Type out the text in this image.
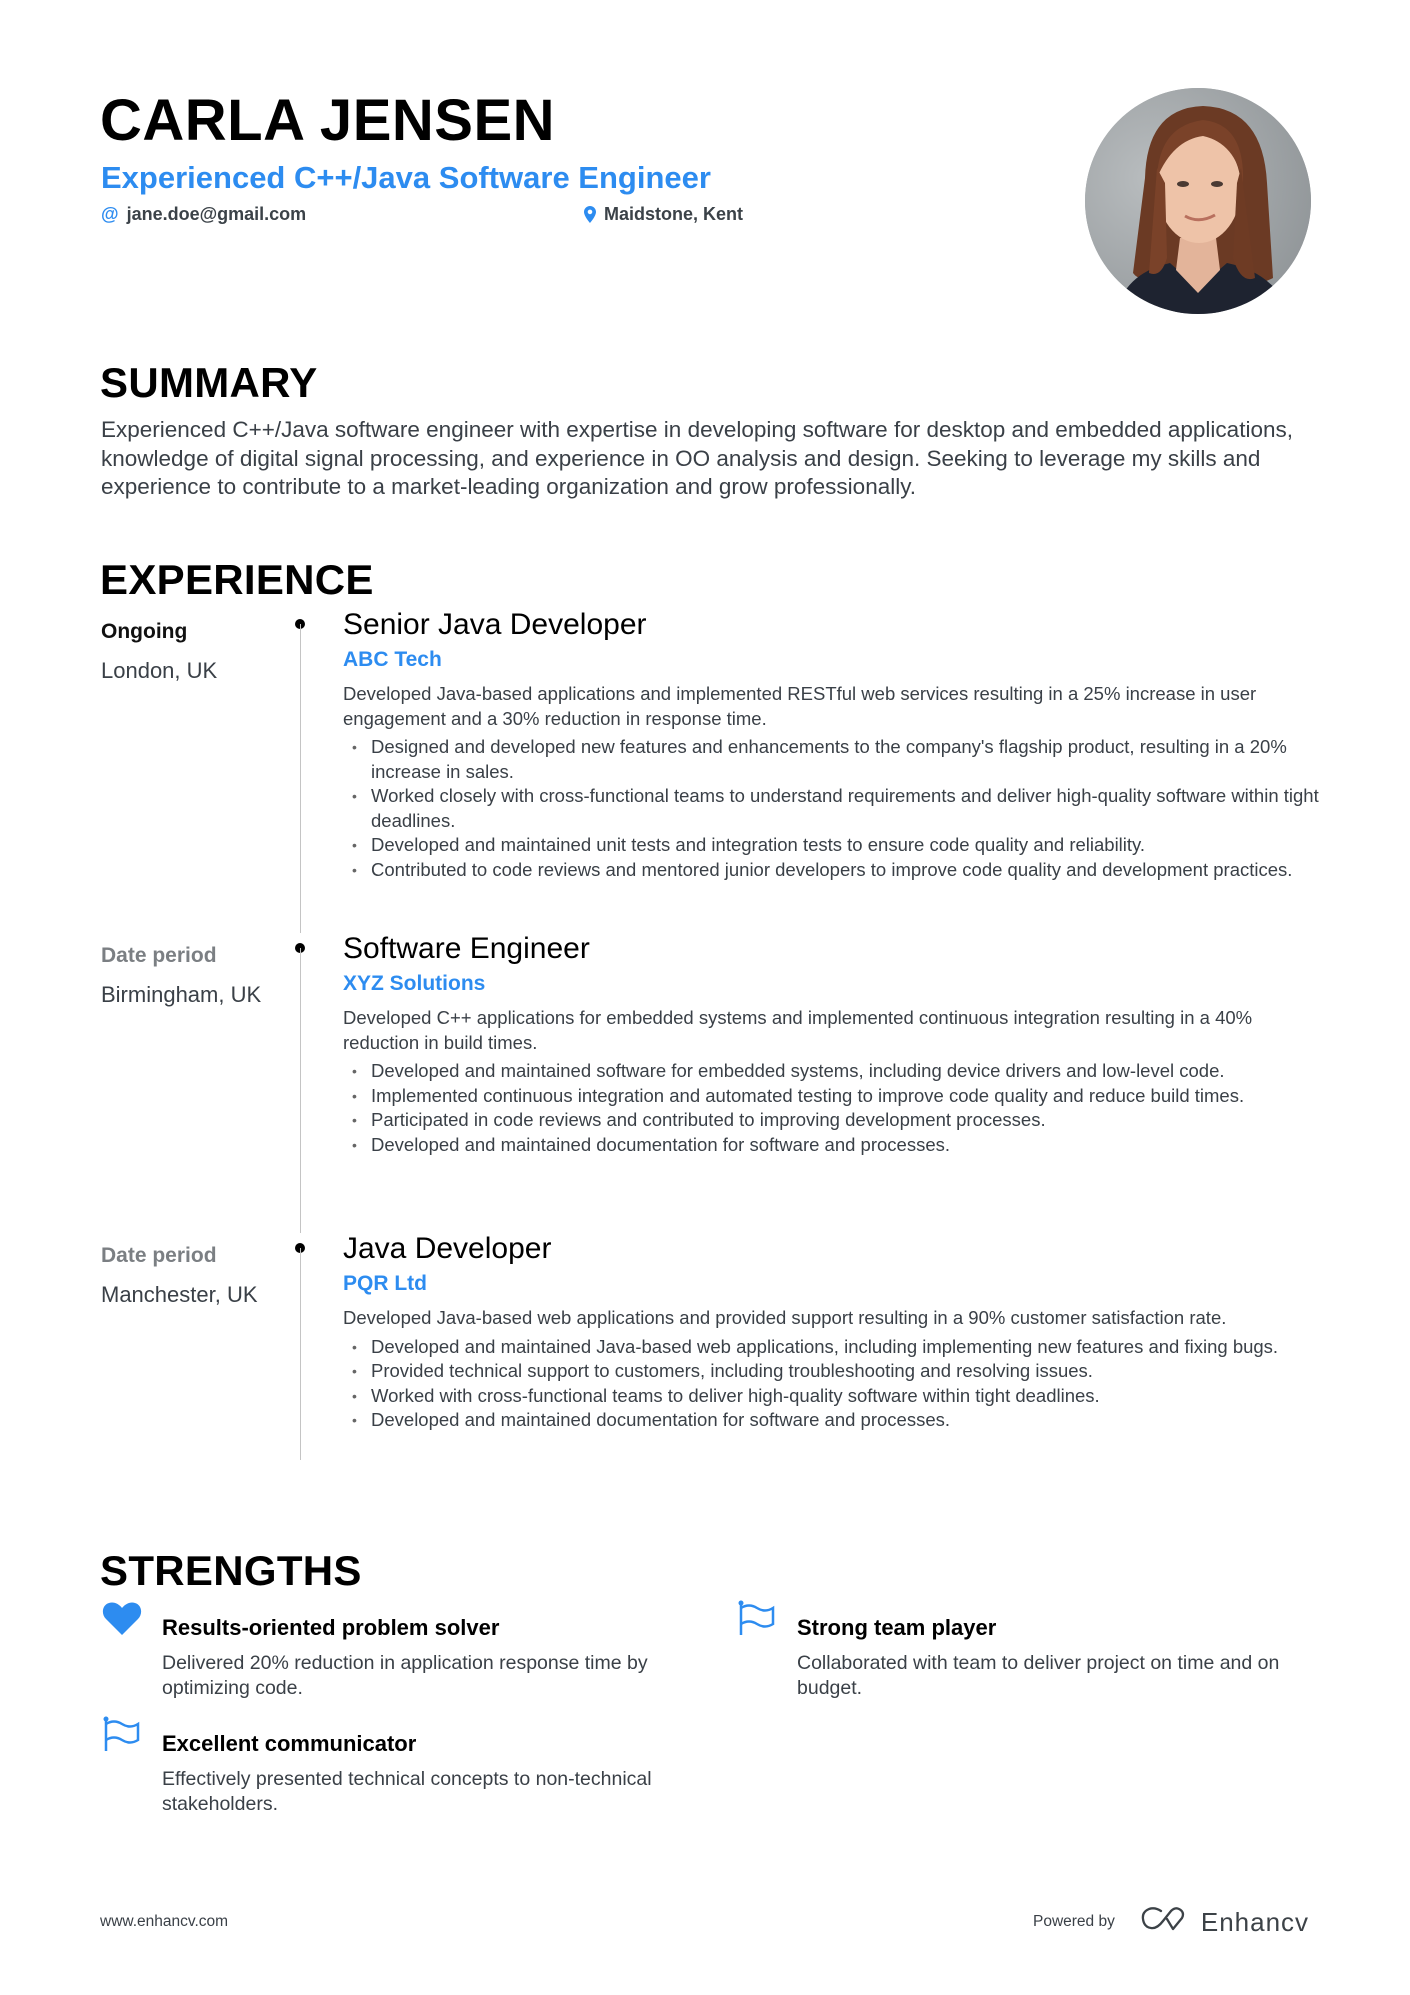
CARLA JENSEN
Experienced C++/Java Software Engineer
@ jane.doe@gmail.com	Maidstone, Kent
SUMMARY
Experienced C++/Java software engineer with expertise in developing software for desktop and embedded applications, knowledge of digital signal processing, and experience in OO analysis and design. Seeking to leverage my skills and experience to contribute to a market-leading organization and grow professionally.
EXPERIENCE
Ongoing
London, UK
Senior Java Developer
ABC Tech
Developed Java-based applications and implemented RESTful web services resulting in a 25% increase in user engagement and a 30% reduction in response time.
• Designed and developed new features and enhancements to the company's flagship product, resulting in a 20% increase in sales.
• Worked closely with cross-functional teams to understand requirements and deliver high-quality software within tight deadlines.
• Developed and maintained unit tests and integration tests to ensure code quality and reliability.
• Contributed to code reviews and mentored junior developers to improve code quality and development practices.
Date period
Birmingham, UK
Software Engineer
XYZ Solutions
Developed C++ applications for embedded systems and implemented continuous integration resulting in a 40% reduction in build times.
• Developed and maintained software for embedded systems, including device drivers and low-level code.
• Implemented continuous integration and automated testing to improve code quality and reduce build times.
• Participated in code reviews and contributed to improving development processes.
• Developed and maintained documentation for software and processes.
Date period
Manchester, UK
Java Developer
PQR Ltd
Developed Java-based web applications and provided support resulting in a 90% customer satisfaction rate.
• Developed and maintained Java-based web applications, including implementing new features and fixing bugs.
• Provided technical support to customers, including troubleshooting and resolving issues.
• Worked with cross-functional teams to deliver high-quality software within tight deadlines.
• Developed and maintained documentation for software and processes.
STRENGTHS
Results-oriented problem solver
Delivered 20% reduction in application response time by optimizing code.
Strong team player
Collaborated with team to deliver project on time and on budget.
Excellent communicator
Effectively presented technical concepts to non-technical stakeholders.
www.enhancv.com	Powered by	Enhancv
